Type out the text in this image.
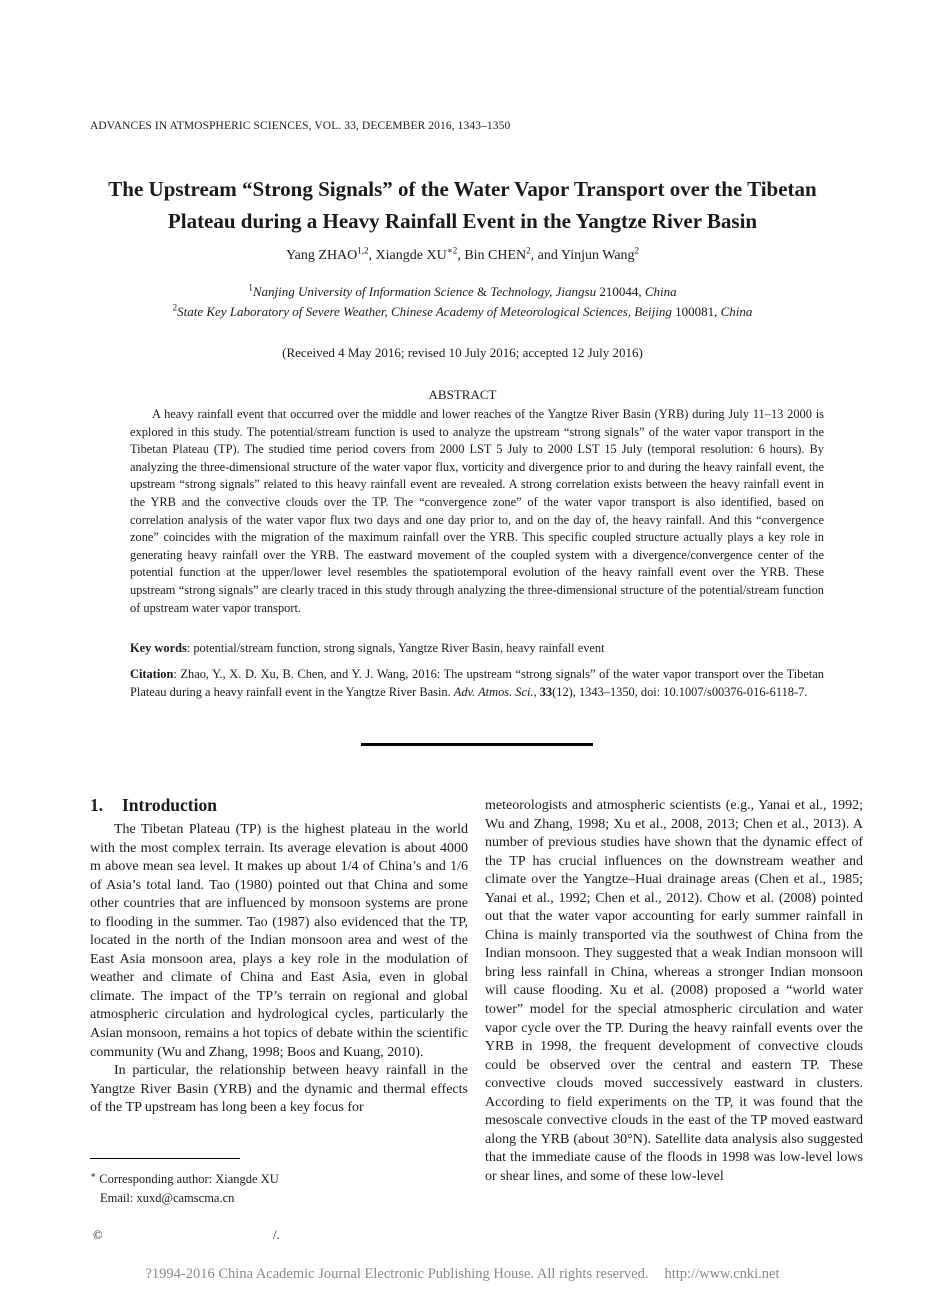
ADVANCES IN ATMOSPHERIC SCIENCES, VOL. 33, DECEMBER 2016, 1343–1350
The Upstream “Strong Signals” of the Water Vapor Transport over the Tibetan
Plateau during a Heavy Rainfall Event in the Yangtze River Basin
Yang ZHAO$^{1,2}$, Xiangde $XU^{∗2}$, Bin CHEN$^2$, and Yinjun Wang$^2$
$^1$Nanjing University of Information Science & Technology, Jiangsu 210044, China
$^2$State Key Laboratory of Severe Weather, Chinese Academy of Meteorological Sciences, Beijing 100081, China
(Received 4 May 2016; revised 10 July 2016; accepted 12 July 2016)
ABSTRACT
A heavy rainfall event that occurred over the middle and lower reaches of the Yangtze River Basin (YRB) during July 11–13 2000 is explored in this study. The potential/stream function is used to analyze the upstream “strong signals” of the water vapor transport in the Tibetan Plateau (TP). The studied time period covers from 2000 LST 5 July to 2000 LST 15 July (temporal resolution: 6 hours). By analyzing the three-dimensional structure of the water vapor flux, vorticity and divergence prior to and during the heavy rainfall event, the upstream “strong signals” related to this heavy rainfall event are revealed. A strong correlation exists between the heavy rainfall event in the YRB and the convective clouds over the TP. The “convergence zone” of the water vapor transport is also identified, based on correlation analysis of the water vapor flux two days and one day prior to, and on the day of, the heavy rainfall. And this “convergence zone” coincides with the migration of the maximum rainfall over the YRB. This specific coupled structure actually plays a key role in generating heavy rainfall over the YRB. The eastward movement of the coupled system with a divergence/convergence center of the potential function at the upper/lower level resembles the spatiotemporal evolution of the heavy rainfall event over the YRB. These upstream “strong signals” are clearly traced in this study through analyzing the three-dimensional structure of the potential/stream function of upstream water vapor transport.
Key words: potential/stream function, strong signals, Yangtze River Basin, heavy rainfall event
Citation: Zhao, Y., X. D. Xu, B. Chen, and Y. J. Wang, 2016: The upstream “strong signals” of the water vapor transport over the Tibetan Plateau during a heavy rainfall event in the Yangtze River Basin. Adv. Atmos. Sci., 33(12), 1343–1350, doi: 10.1007/s00376-016-6118-7.
1. Introduction

The Tibetan Plateau (TP) is the highest plateau in the world with the most complex terrain. Its average elevation is about 4000 m above mean sea level. It makes up about 1/4 of China’s and 1/6 of Asia’s total land. Tao (1980) pointed out that China and some other countries that are influenced by monsoon systems are prone to flooding in the summer. Tao (1987) also evidenced that the TP, located in the north of the Indian monsoon area and west of the East Asia monsoon area, plays a key role in the modulation of weather and climate of China and East Asia, even in global climate. The impact of the TP’s terrain on regional and global atmospheric circulation and hydrological cycles, particularly the Asian monsoon, remains a hot topics of debate within the scientific community (Wu and Zhang, 1998; Boos and Kuang, 2010).

In particular, the relationship between heavy rainfall in the Yangtze River Basin (YRB) and the dynamic and thermal effects of the TP upstream has long been a key focus for

meteorologists and atmospheric scientists (e.g., Yanai et al., 1992; Wu and Zhang, 1998; Xu et al., 2008, 2013; Chen et al., 2013). A number of previous studies have shown that the dynamic effect of the TP has crucial influences on the downstream weather and climate over the Yangtze–Huai drainage areas (Chen et al., 1985; Yanai et al., 1992; Chen et al., 2012). Chow et al. (2008) pointed out that the water vapor accounting for early summer rainfall in China is mainly transported via the southwest of China from the Indian monsoon. They suggested that a weak Indian monsoon will bring less rainfall in China, whereas a stronger Indian monsoon will cause flooding. Xu et al. (2008) proposed a “world water tower” model for the special atmospheric circulation and water vapor cycle over the TP. During the heavy rainfall events over the YRB in 1998, the frequent development of convective clouds could be observed over the central and eastern TP. These convective clouds moved successively eastward in clusters. According to field experiments on the TP, it was found that the mesoscale convective clouds in the east of the TP moved eastward along the YRB (about 30°N). Satellite data analysis also suggested that the immediate cause of the floods in 1998 was low-level lows or shear lines, and some of these low-level

∗ Corresponding author: Xiangde XU
Email: xuxd@camscma.cn
©	/.
?1994-2016 China Academic Journal Electronic Publishing House. All rights reserved. http://www.cnki.net
